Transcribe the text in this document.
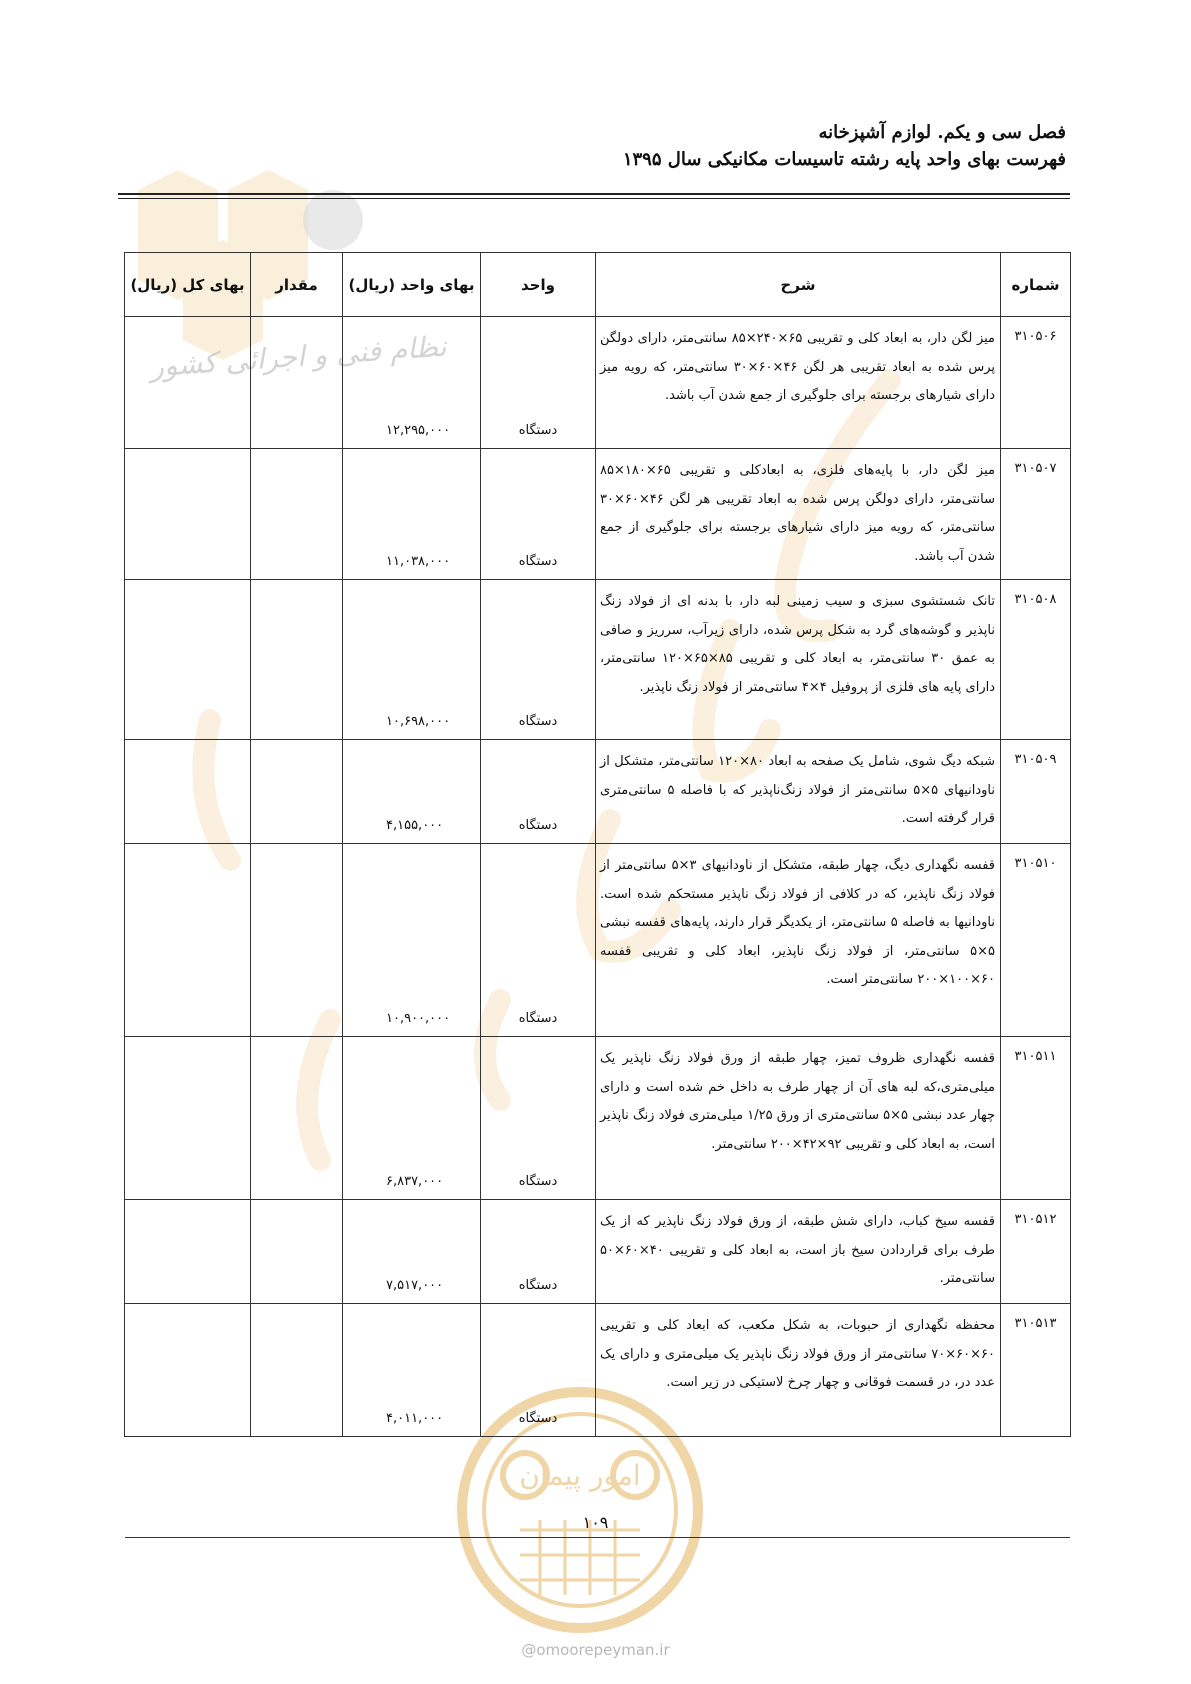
نظام فنی و اجرائی کشور
امور پیمان
فصل سی و یکم. لوازم آشپزخانه
فهرست بهای واحد پایه رشته تاسیسات مکانیکی سال ۱۳۹۵
شماره	شرح	واحد	بهای واحد (ریال)	مقدار	بهای کل (ریال)
۳۱۰۵۰۶	میز لگن دار، به ابعاد کلی و تقریبی ۶۵×۲۴۰×۸۵ سانتی‌متر، دارای دولگن پرس شده به ابعاد تقریبی هر لگن ۴۶×۶۰×۳۰ سانتی‌متر، که رویه میز دارای شیارهای برجسته برای جلوگیری از جمع شدن آب باشد.	دستگاه	۱۲,۲۹۵,۰۰۰		
۳۱۰۵۰۷	میز لگن دار، با پایه‌های فلزی، به ابعادکلی و تقریبی ۶۵×۱۸۰×۸۵ سانتی‌متر، دارای دولگن پرس شده به ابعاد تقریبی هر لگن ۴۶×۶۰×۳۰ سانتی‌متر، که رویه میز دارای شیارهای برجسته برای جلوگیری از جمع شدن آب باشد.	دستگاه	۱۱,۰۳۸,۰۰۰		
۳۱۰۵۰۸	تانک شستشوی سبزی و سیب زمینی لبه دار، با بدنه ای از فولاد زنگ ناپذیر و گوشه‌های گرد به شکل پرس شده، دارای زیرآب، سرریز و صافی به عمق ۳۰ سانتی‌متر، به ابعاد کلی و تقریبی ۸۵×۶۵×۱۲۰ سانتی‌متر، دارای پایه های فلزی از پروفیل ۴×۴ سانتی‌متر از فولاد زنگ ناپذیر.	دستگاه	۱۰,۶۹۸,۰۰۰		
۳۱۰۵۰۹	شبکه دیگ شوی، شامل یک صفحه به ابعاد ۸۰×۱۲۰ سانتی‌متر، متشکل از ناودانیهای ۵×۵ سانتی‌متر از فولاد زنگ‌ناپذیر که با فاصله ۵ سانتی‌متری قرار گرفته است.	دستگاه	۴,۱۵۵,۰۰۰		
۳۱۰۵۱۰	قفسه نگهداری دیگ، چهار طبقه، متشکل از ناودانیهای ۳×۵ سانتی‌متر از فولاد زنگ ناپذیر، که در کلافی از فولاد زنگ ناپذیر مستحکم شده است. ناودانیها به فاصله ۵ سانتی‌متر، از یکدیگر قرار دارند، پایه‌های قفسه نبشی ۵×۵ سانتی‌متر، از فولاد زنگ ناپذیر، ابعاد کلی و تقریبی قفسه ۶۰×۱۰۰×۲۰۰ سانتی‌متر است.	دستگاه	۱۰,۹۰۰,۰۰۰		
۳۱۰۵۱۱	قفسه نگهداری ظروف تمیز، چهار طبقه از ورق فولاد زنگ ناپذیر یک میلی‌متری،که لبه های آن از چهار طرف به داخل خم شده است و دارای چهار عدد نبشی ۵×۵ سانتی‌متری از ورق ۱/۲۵ میلی‌متری فولاد زنگ ناپذیر است، به ابعاد کلی و تقریبی ۹۲×۴۲×۲۰۰ سانتی‌متر.	دستگاه	۶,۸۳۷,۰۰۰		
۳۱۰۵۱۲	قفسه سیخ کباب، دارای شش طبقه، از ورق فولاد زنگ ناپذیر که از یک طرف برای قراردادن سیخ باز است، به ابعاد کلی و تقریبی ۴۰×۶۰×۵۰ سانتی‌متر.	دستگاه	۷,۵۱۷,۰۰۰		
۳۱۰۵۱۳	محفظه نگهداری از حبوبات، به شکل مکعب، که ابعاد کلی و تقریبی ۶۰×۶۰×۷۰ سانتی‌متر از ورق فولاد زنگ ناپذیر یک میلی‌متری و دارای یک عدد در، در قسمت فوقانی و چهار چرخ لاستیکی در زیر است.	دستگاه	۴,۰۱۱,۰۰۰		
۱۰۹
@omoorepeyman.ir
